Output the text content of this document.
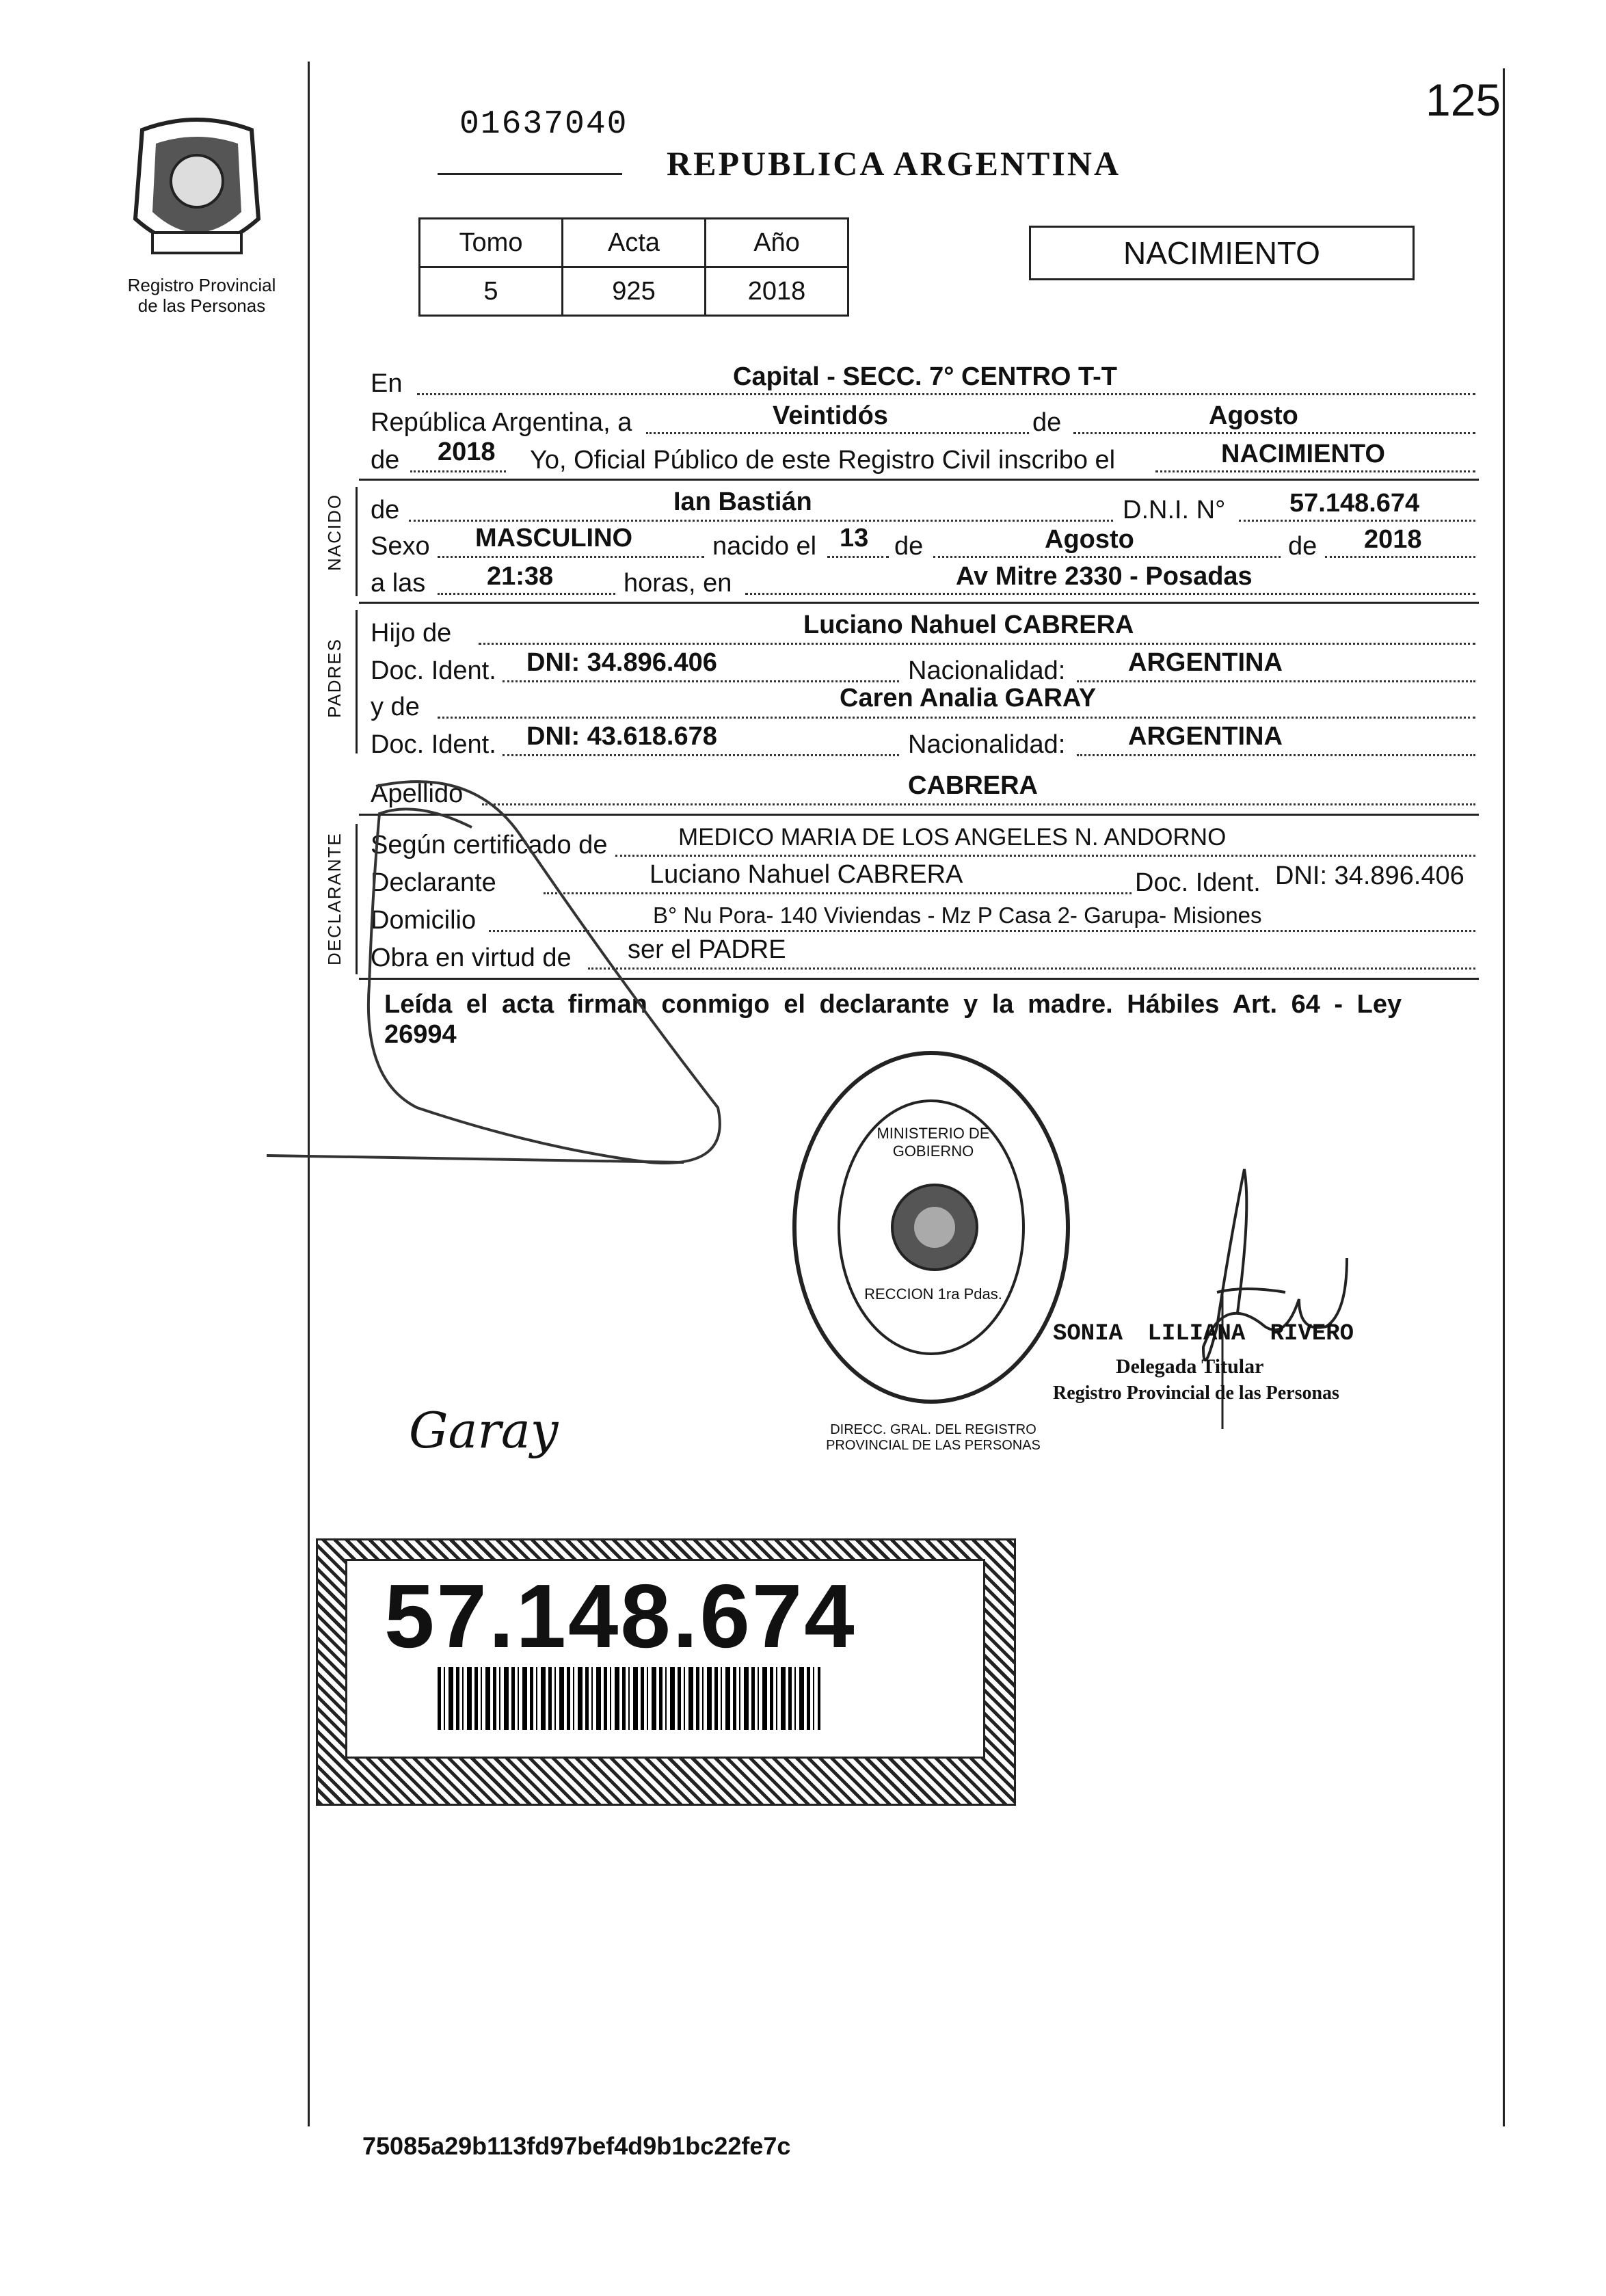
Registro Provincial
de las Personas
01637040
REPUBLICA ARGENTINA
125
Tomo	Acta	Año
5	925	2018
NACIMIENTO
En	Capital - SECC. 7° CENTRO T-T
República Argentina, a	Veintidós	de	Agosto
de 2018 Yo, Oficial Público de este Registro Civil inscribo el	NACIMIENTO
NACIDO de	Ian Bastián	D.N.I. N° 57.148.674
Sexo MASCULINO	nacido el 13 de	Agosto	de 2018
a las 21:38	horas, en	Av Mitre 2330 - Posadas
PADRES
Hijo de	Luciano Nahuel CABRERA
Doc. Ident. DNI: 34.896.406	Nacionalidad: ARGENTINA
y de	Caren Analia GARAY
Doc. Ident. DNI: 43.618.678	Nacionalidad: ARGENTINA
Apellido	CABRERA
DECLARANTE Según certificado de	MEDICO MARIA DE LOS ANGELES N. ANDORNO
Declarante	Luciano Nahuel CABRERA	Doc. Ident. DNI: 34.896.406
Domicilio	B° Nu Pora- 140 Viviendas - Mz P Casa 2- Garupa- Misiones
Obra en virtud de ser el PADRE
Leída el acta firman conmigo el declarante y la madre. Hábiles Art. 64 - Ley
26994
DIRECC. GRAL. DEL REGISTRO PROVINCIAL DE LAS PERSONAS
MINISTERIO DE GOBIERNO
RECCION 1ra Pdas.
SONIA LILIANA RIVERO
Delegada Titular
Registro Provincial de las Personas
Garay
57.148.674
75085a29b113fd97bef4d9b1bc22fe7c
